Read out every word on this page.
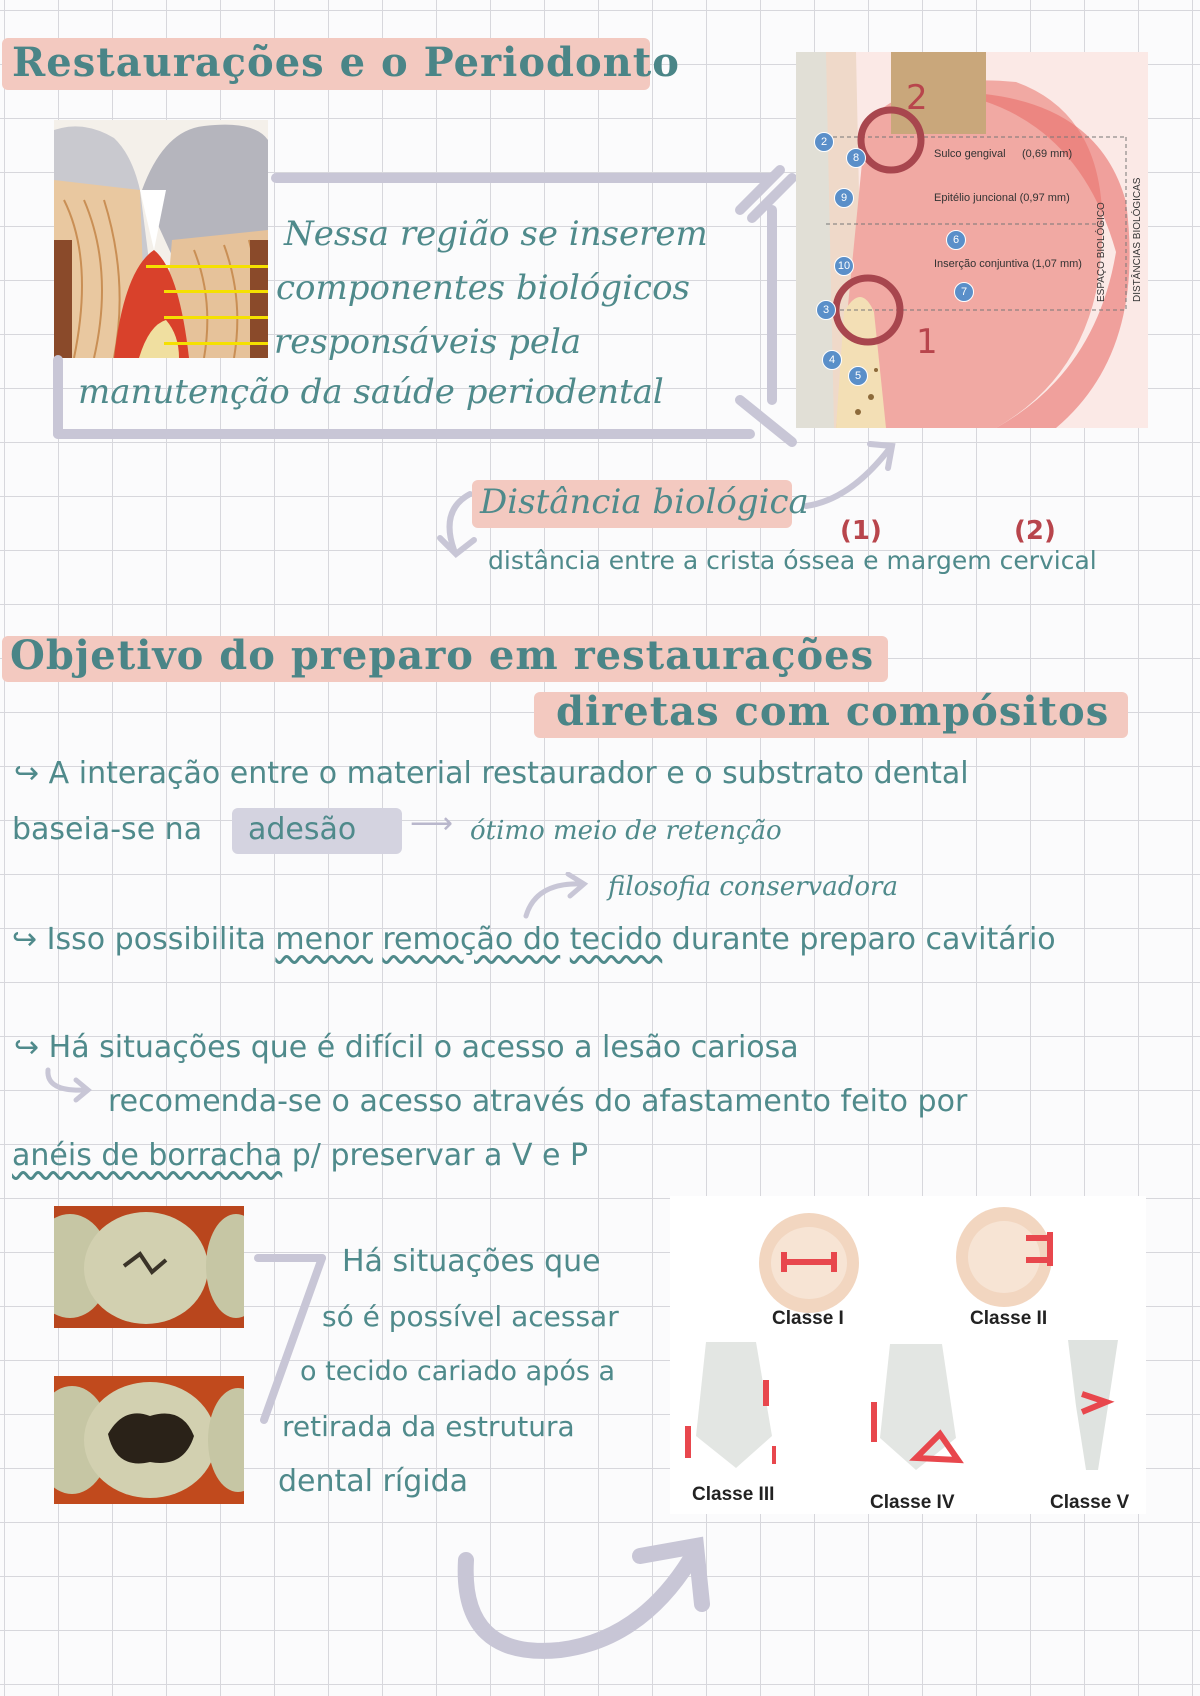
Restaurações e o Periodonto
Nessa região se inserem
componentes biológicos
responsáveis pela
manutenção da saúde periodental
2
1
Sulco gengival (0,69 mm)
Epitélio juncional (0,97 mm)
Inserção conjuntiva (1,07 mm) ESPAÇO BIOLÓGICO	DISTÂNCIAS BIOLÓGICAS
2
8
9
10
3
4
5
6
7
Distância biológica
(1)	(2)
distância entre a crista óssea e margem cervical
Objetivo do preparo em restaurações
diretas com compósitos
↪ A interação entre o material restaurador e o substrato dental
baseia-se na adesão ⟶ ótimo meio de retenção
filosofia conservadora
↪ Isso possibilita menor remoção do tecido durante preparo cavitário
↪ Há situações que é difícil o acesso a lesão cariosa
recomenda-se o acesso através do afastamento feito por
anéis de borracha p/ preservar a V e P
Há situações que
só é possível acessar
o tecido cariado após a
retirada da estrutura
dental rígida
Classe I	Classe II
Classe III	Classe IV	Classe V
